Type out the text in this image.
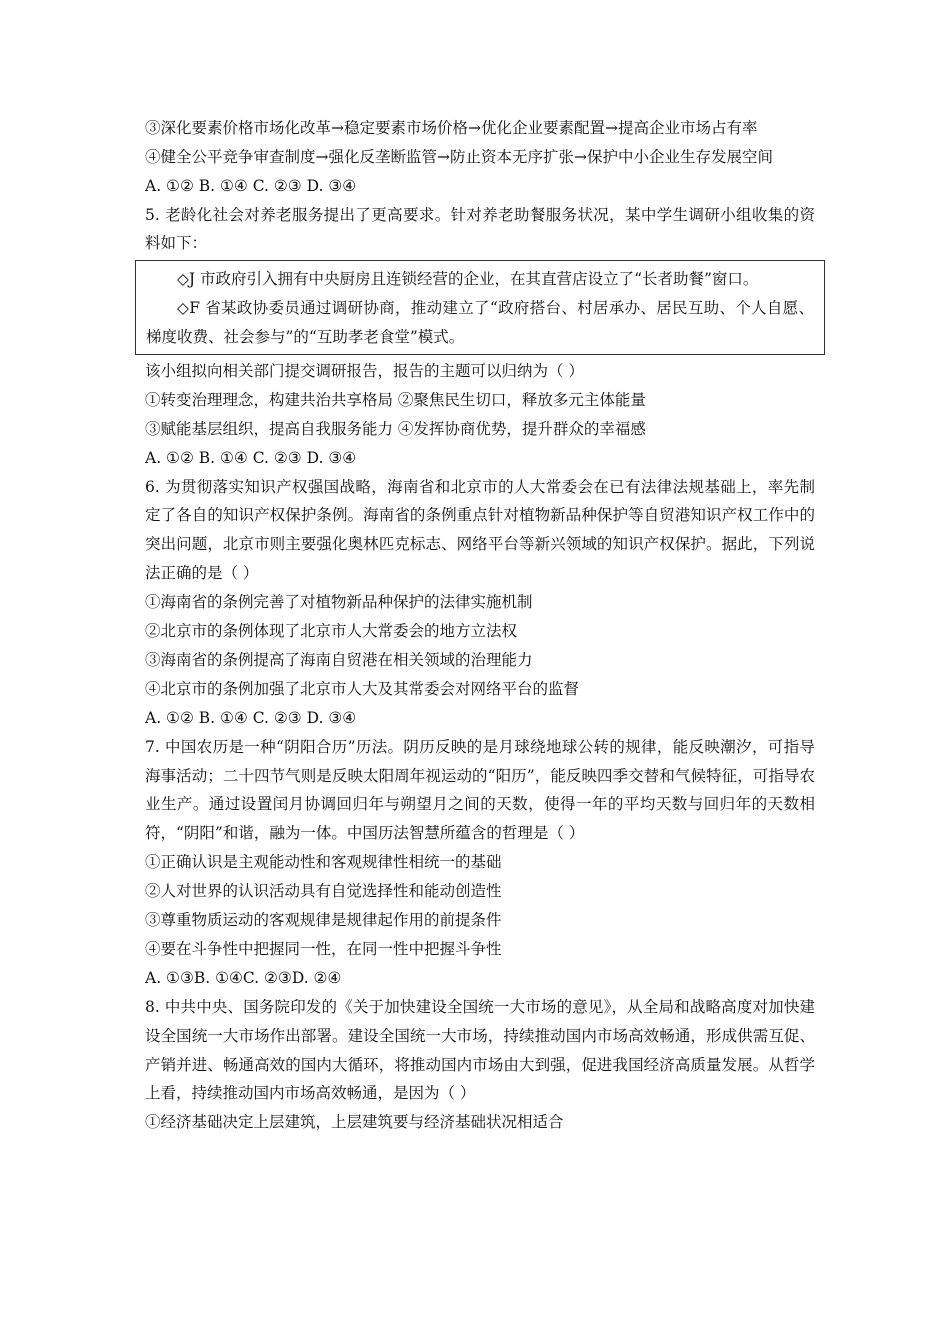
③深化要素价格市场化改革→稳定要素市场价格→优化企业要素配置→提高企业市场占有率
④健全公平竞争审查制度→强化反垄断监管→防止资本无序扩张→保护中小企业生存发展空间
A. ①② B. ①④ C. ②③ D. ③④
5. 老龄化社会对养老服务提出了更高要求。针对养老助餐服务状况，某中学生调研小组收集的资料如下：
◇J 市政府引入拥有中央厨房且连锁经营的企业，在其直营店设立了“长者助餐”窗口。
◇F 省某政协委员通过调研协商，推动建立了“政府搭台、村居承办、居民互助、个人自愿、梯度收费、社会参与”的“互助孝老食堂”模式。
该小组拟向相关部门提交调研报告，报告的主题可以归纳为（ ）
①转变治理理念，构建共治共享格局 ②聚焦民生切口，释放多元主体能量
③赋能基层组织，提高自我服务能力 ④发挥协商优势，提升群众的幸福感
A. ①② B. ①④ C. ②③ D. ③④
6. 为贯彻落实知识产权强国战略，海南省和北京市的人大常委会在已有法律法规基础上，率先制定了各自的知识产权保护条例。海南省的条例重点针对植物新品种保护等自贸港知识产权工作中的突出问题，北京市则主要强化奥林匹克标志、网络平台等新兴领域的知识产权保护。据此，下列说法正确的是（ ）
①海南省的条例完善了对植物新品种保护的法律实施机制
②北京市的条例体现了北京市人大常委会的地方立法权
③海南省的条例提高了海南自贸港在相关领域的治理能力
④北京市的条例加强了北京市人大及其常委会对网络平台的监督
A. ①② B. ①④ C. ②③ D. ③④
7. 中国农历是一种“阴阳合历”历法。阴历反映的是月球绕地球公转的规律，能反映潮汐，可指导海事活动；二十四节气则是反映太阳周年视运动的“阳历”，能反映四季交替和气候特征，可指导农业生产。通过设置闰月协调回归年与朔望月之间的天数，使得一年的平均天数与回归年的天数相符，“阴阳”和谐，融为一体。中国历法智慧所蕴含的哲理是（ ）
①正确认识是主观能动性和客观规律性相统一的基础
②人对世界的认识活动具有自觉选择性和能动创造性
③尊重物质运动的客观规律是规律起作用的前提条件
④要在斗争性中把握同一性，在同一性中把握斗争性
A. ①③B. ①④C. ②③D. ②④
8. 中共中央、国务院印发的《关于加快建设全国统一大市场的意见》，从全局和战略高度对加快建设全国统一大市场作出部署。建设全国统一大市场，持续推动国内市场高效畅通，形成供需互促、产销并进、畅通高效的国内大循环，将推动国内市场由大到强，促进我国经济高质量发展。从哲学上看，持续推动国内市场高效畅通，是因为（ ）
①经济基础决定上层建筑，上层建筑要与经济基础状况相适合
